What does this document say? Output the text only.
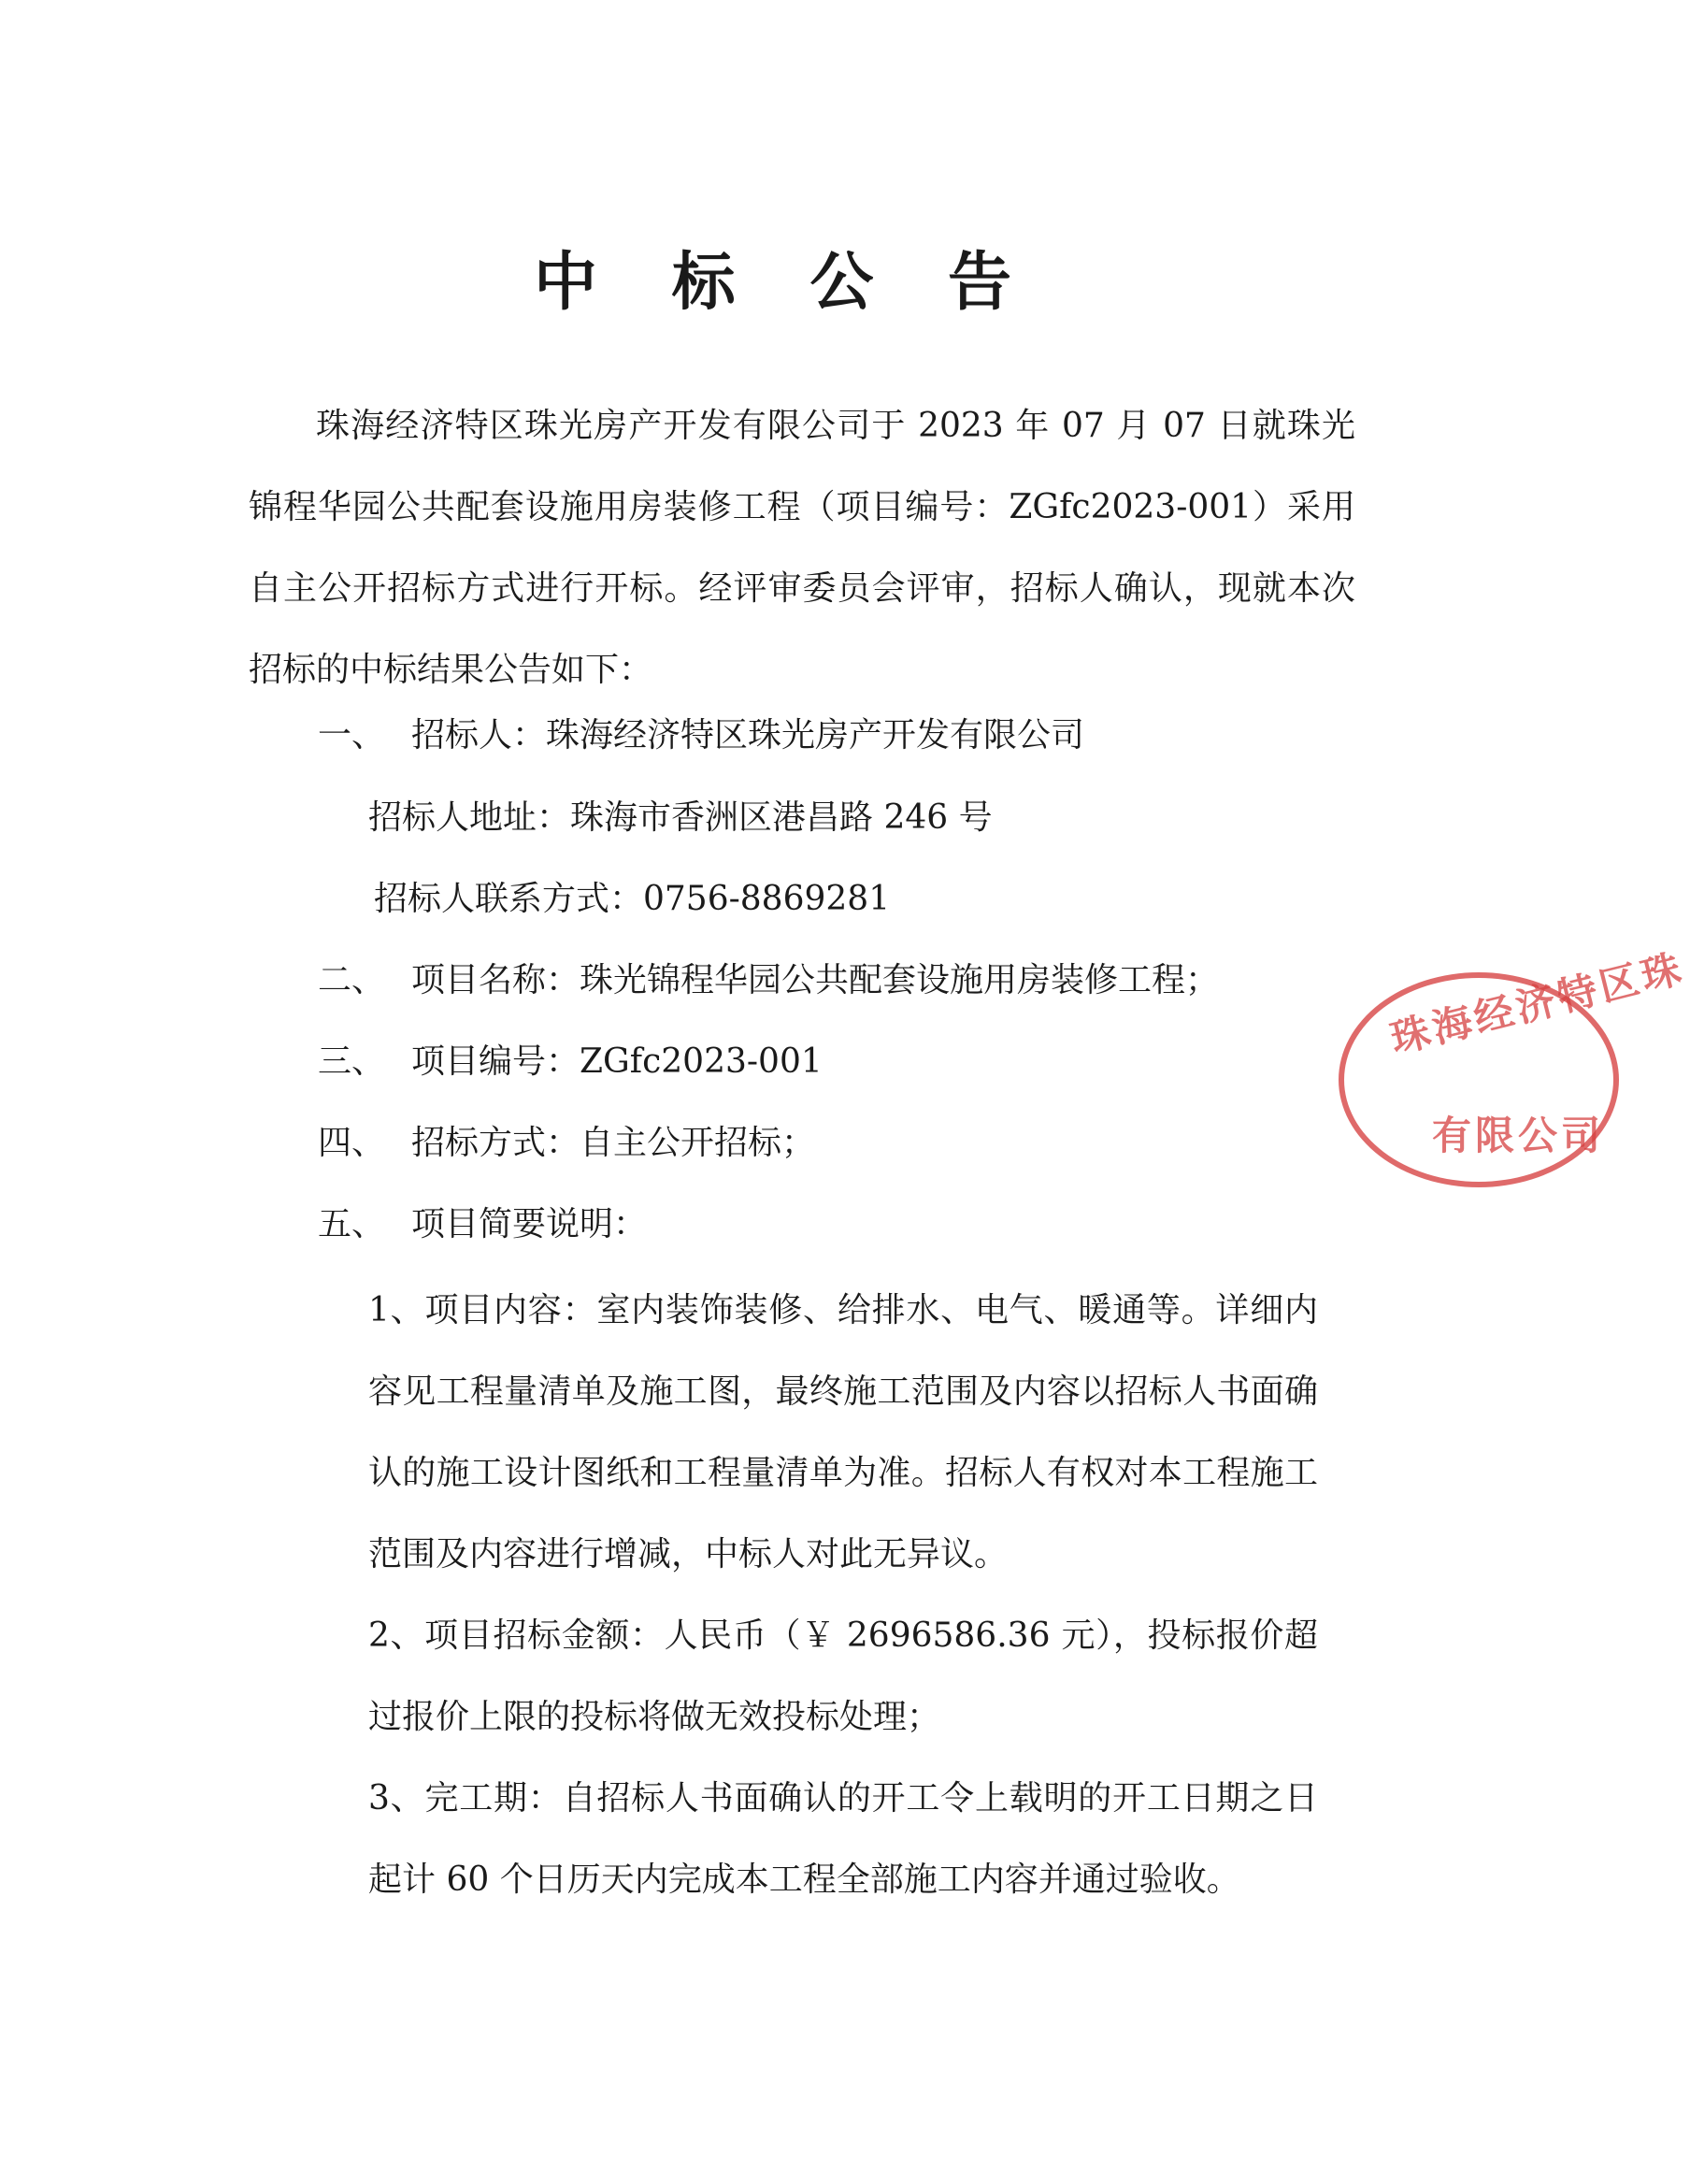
中 标 公 告

珠海经济特区珠光房产开发有限公司于 2023 年 07 月 07 日就珠光锦程华园公共配套设施用房装修工程（项目编号：ZGfc2023-001）采用自主公开招标方式进行开标。经评审委员会评审，招标人确认，现就本次招标的中标结果公告如下：

一、 招标人：珠海经济特区珠光房产开发有限公司
招标人地址：珠海市香洲区港昌路 246 号
招标人联系方式：0756-8869281
二、 项目名称：珠光锦程华园公共配套设施用房装修工程；
三、 项目编号：ZGfc2023-001
四、 招标方式：自主公开招标；
五、 项目简要说明：

1、项目内容：室内装饰装修、给排水、电气、暖通等。详细内容见工程量清单及施工图，最终施工范围及内容以招标人书面确认的施工设计图纸和工程量清单为准。招标人有权对本工程施工范围及内容进行增减，中标人对此无异议。

2、项目招标金额：人民币（￥ 2696586.36 元），投标报价超过报价上限的投标将做无效投标处理；

3、完工期：自招标人书面确认的开工令上载明的开工日期之日起计 60 个日历天内完成本工程全部施工内容并通过验收。

珠海经济特区珠
有限公司
